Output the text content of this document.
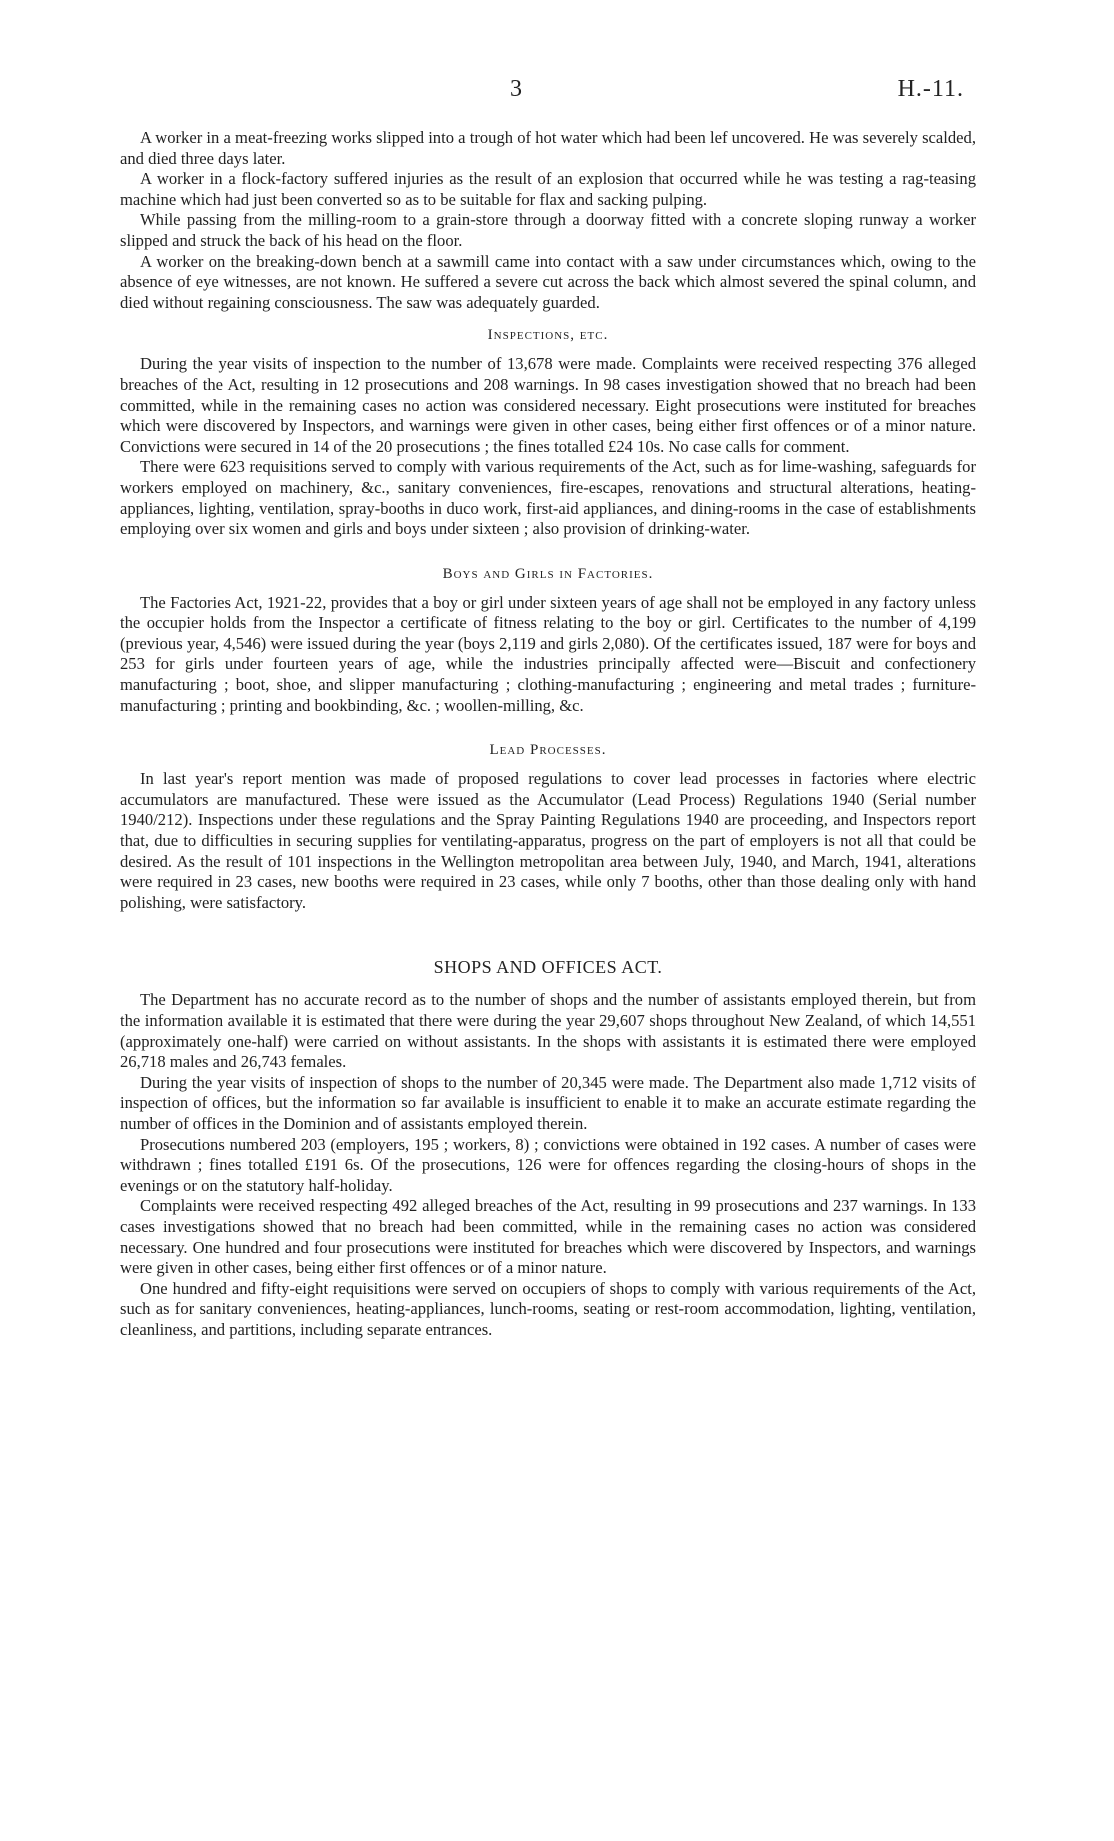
3	H.-11.

A worker in a meat-freezing works slipped into a trough of hot water which had been lef uncovered. He was severely scalded, and died three days later.

A worker in a flock-factory suffered injuries as the result of an explosion that occurred while he was testing a rag-teasing machine which had just been converted so as to be suitable for flax and sacking pulping.

While passing from the milling-room to a grain-store through a doorway fitted with a concrete sloping runway a worker slipped and struck the back of his head on the floor.

A worker on the breaking-down bench at a sawmill came into contact with a saw under circumstances which, owing to the absence of eye witnesses, are not known. He suffered a severe cut across the back which almost severed the spinal column, and died without regaining consciousness. The saw was adequately guarded.

Inspections, etc.

During the year visits of inspection to the number of 13,678 were made. Complaints were received respecting 376 alleged breaches of the Act, resulting in 12 prosecutions and 208 warnings. In 98 cases investigation showed that no breach had been committed, while in the remaining cases no action was considered necessary. Eight prosecutions were instituted for breaches which were discovered by Inspectors, and warnings were given in other cases, being either first offences or of a minor nature. Convictions were secured in 14 of the 20 prosecutions ; the fines totalled £24 10s. No case calls for comment.

There were 623 requisitions served to comply with various requirements of the Act, such as for lime-washing, safeguards for workers employed on machinery, &c., sanitary conveniences, fire-escapes, renovations and structural alterations, heating-appliances, lighting, ventilation, spray-booths in duco work, first-aid appliances, and dining-rooms in the case of establishments employing over six women and girls and boys under sixteen ; also provision of drinking-water.

Boys and Girls in Factories.

The Factories Act, 1921-22, provides that a boy or girl under sixteen years of age shall not be employed in any factory unless the occupier holds from the Inspector a certificate of fitness relating to the boy or girl. Certificates to the number of 4,199 (previous year, 4,546) were issued during the year (boys 2,119 and girls 2,080). Of the certificates issued, 187 were for boys and 253 for girls under fourteen years of age, while the industries principally affected were—Biscuit and confectionery manufacturing ; boot, shoe, and slipper manufacturing ; clothing-manufacturing ; engineering and metal trades ; furniture-manufacturing ; printing and bookbinding, &c. ; woollen-milling, &c.

Lead Processes.

In last year's report mention was made of proposed regulations to cover lead processes in factories where electric accumulators are manufactured. These were issued as the Accumulator (Lead Process) Regulations 1940 (Serial number 1940/212). Inspections under these regulations and the Spray Painting Regulations 1940 are proceeding, and Inspectors report that, due to difficulties in securing supplies for ventilating-apparatus, progress on the part of employers is not all that could be desired. As the result of 101 inspections in the Wellington metropolitan area between July, 1940, and March, 1941, alterations were required in 23 cases, new booths were required in 23 cases, while only 7 booths, other than those dealing only with hand polishing, were satisfactory.

SHOPS AND OFFICES ACT.

The Department has no accurate record as to the number of shops and the number of assistants employed therein, but from the information available it is estimated that there were during the year 29,607 shops throughout New Zealand, of which 14,551 (approximately one-half) were carried on without assistants. In the shops with assistants it is estimated there were employed 26,718 males and 26,743 females.

During the year visits of inspection of shops to the number of 20,345 were made. The Department also made 1,712 visits of inspection of offices, but the information so far available is insufficient to enable it to make an accurate estimate regarding the number of offices in the Dominion and of assistants employed therein.

Prosecutions numbered 203 (employers, 195 ; workers, 8) ; convictions were obtained in 192 cases. A number of cases were withdrawn ; fines totalled £191 6s. Of the prosecutions, 126 were for offences regarding the closing-hours of shops in the evenings or on the statutory half-holiday.

Complaints were received respecting 492 alleged breaches of the Act, resulting in 99 prosecutions and 237 warnings. In 133 cases investigations showed that no breach had been committed, while in the remaining cases no action was considered necessary. One hundred and four prosecutions were instituted for breaches which were discovered by Inspectors, and warnings were given in other cases, being either first offences or of a minor nature.

One hundred and fifty-eight requisitions were served on occupiers of shops to comply with various requirements of the Act, such as for sanitary conveniences, heating-appliances, lunch-rooms, seating or rest-room accommodation, lighting, ventilation, cleanliness, and partitions, including separate entrances.
